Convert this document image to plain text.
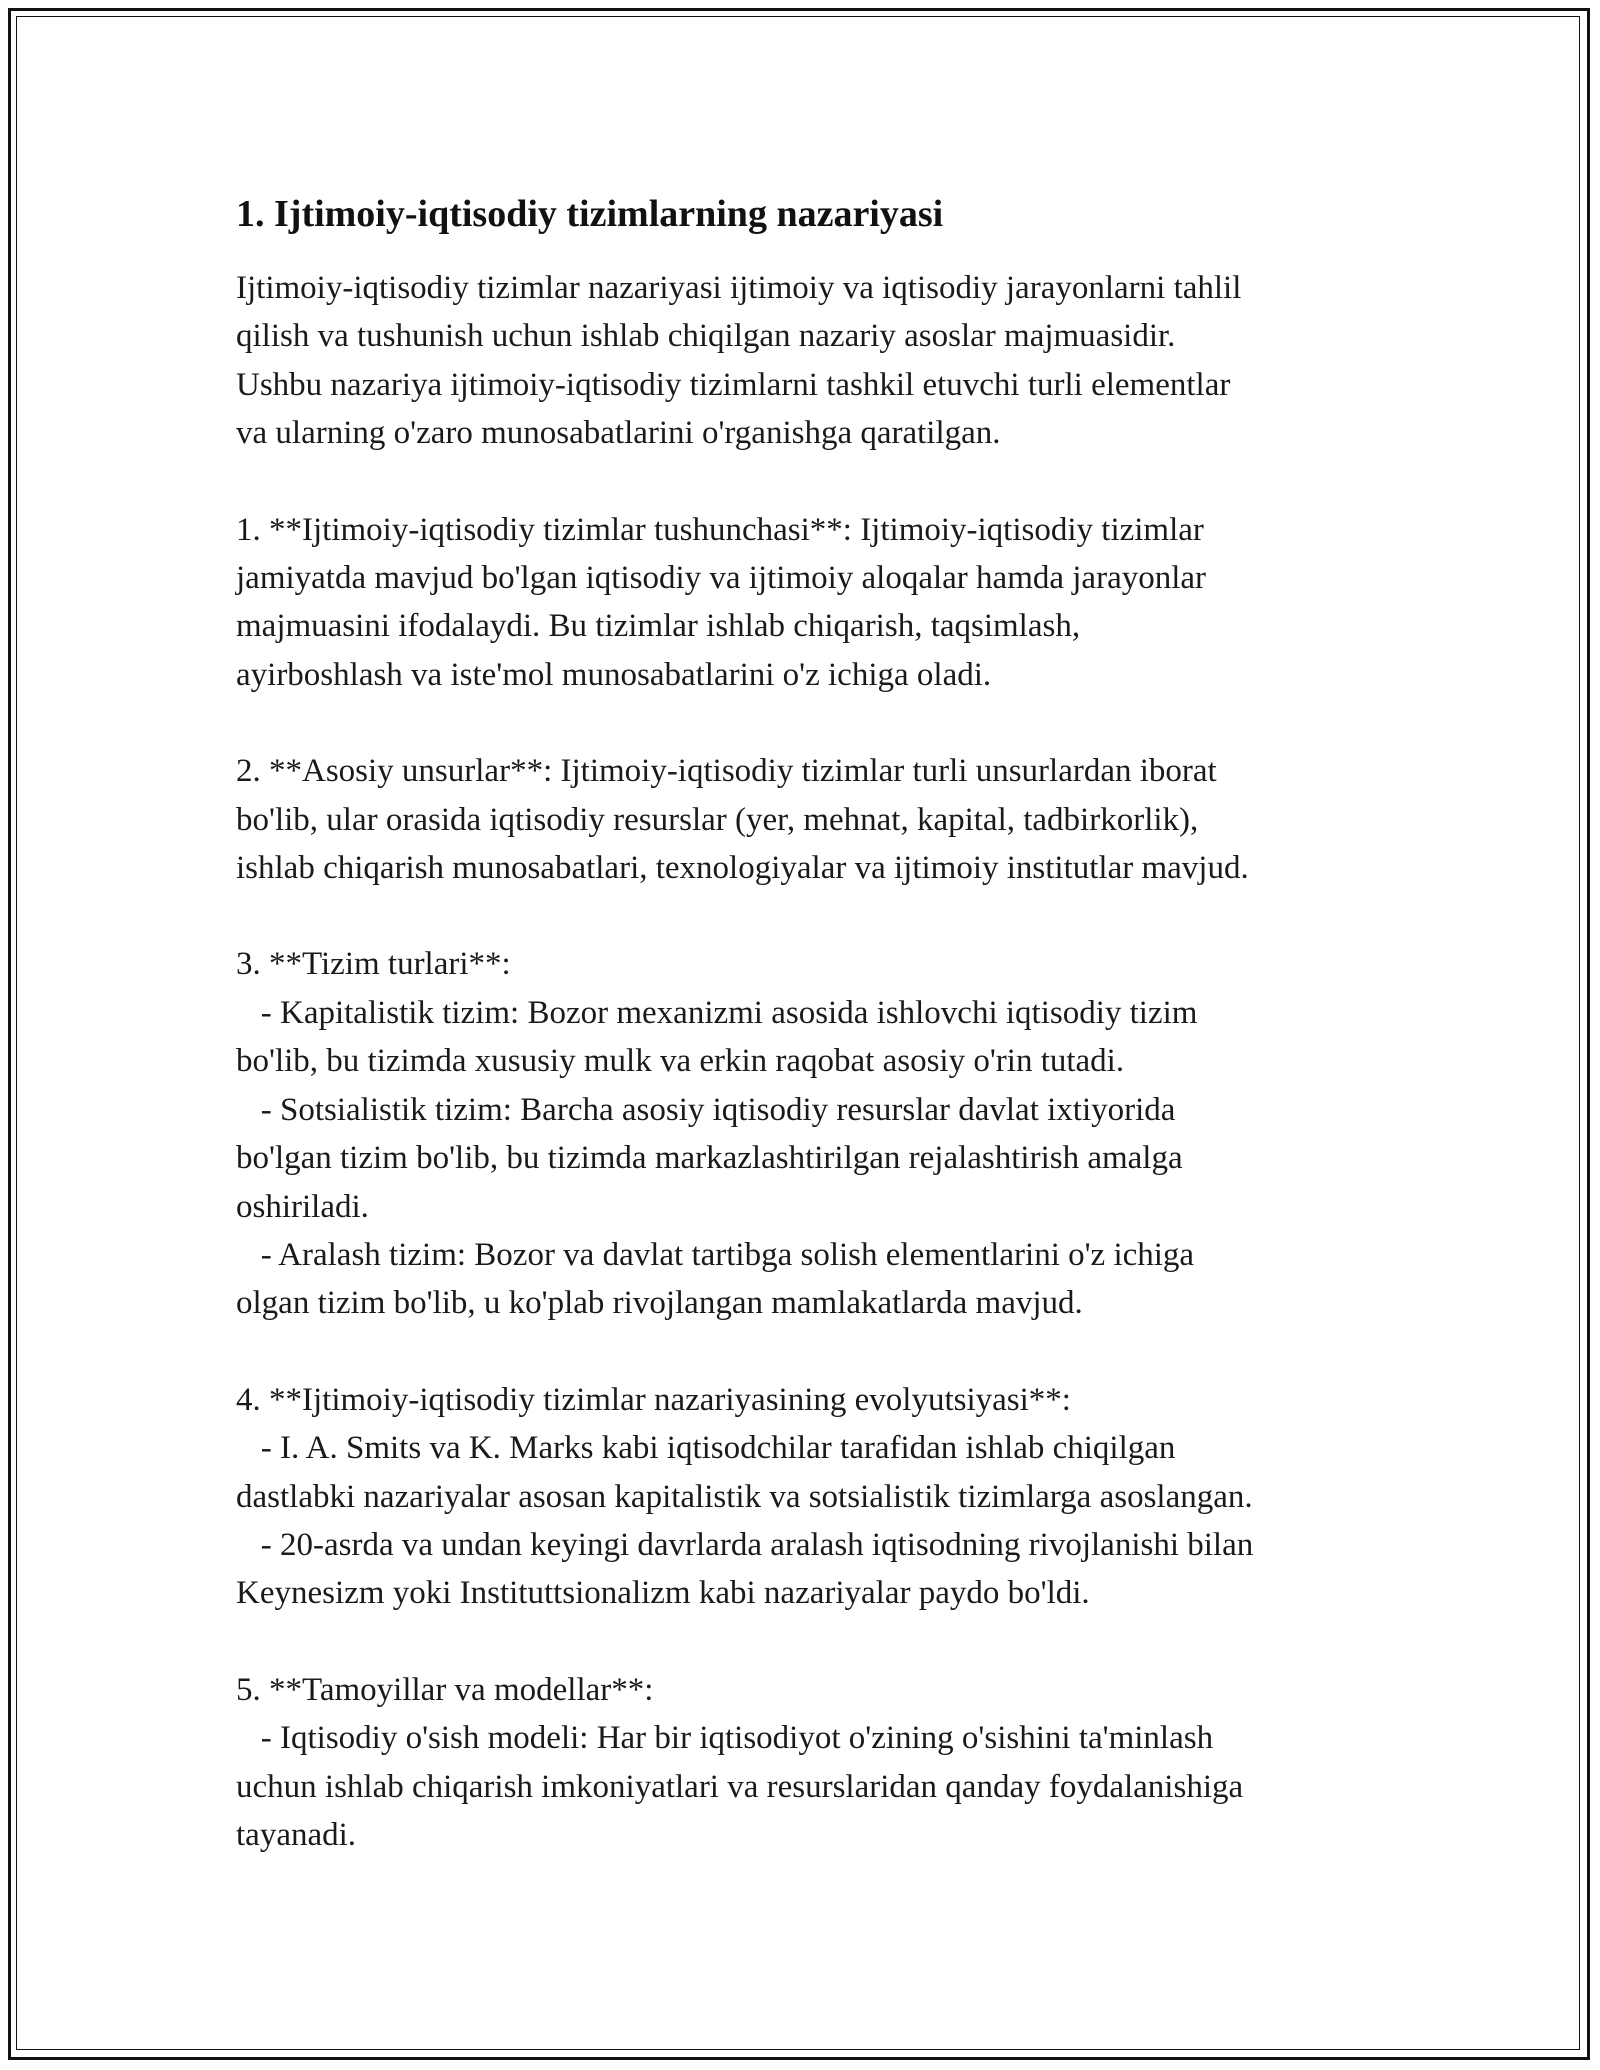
1. Ijtimoiy-iqtisodiy tizimlarning nazariyasi

Ijtimoiy-iqtisodiy tizimlar nazariyasi ijtimoiy va iqtisodiy jarayonlarni tahlil
qilish va tushunish uchun ishlab chiqilgan nazariy asoslar majmuasidir.
Ushbu nazariya ijtimoiy-iqtisodiy tizimlarni tashkil etuvchi turli elementlar
va ularning o'zaro munosabatlarini o'rganishga qaratilgan.

1. **Ijtimoiy-iqtisodiy tizimlar tushunchasi**: Ijtimoiy-iqtisodiy tizimlar
jamiyatda mavjud bo'lgan iqtisodiy va ijtimoiy aloqalar hamda jarayonlar
majmuasini ifodalaydi. Bu tizimlar ishlab chiqarish, taqsimlash,
ayirboshlash va iste'mol munosabatlarini o'z ichiga oladi.

2. **Asosiy unsurlar**: Ijtimoiy-iqtisodiy tizimlar turli unsurlardan iborat
bo'lib, ular orasida iqtisodiy resurslar (yer, mehnat, kapital, tadbirkorlik),
ishlab chiqarish munosabatlari, texnologiyalar va ijtimoiy institutlar mavjud.

3. **Tizim turlari**:
- Kapitalistik tizim: Bozor mexanizmi asosida ishlovchi iqtisodiy tizim
bo'lib, bu tizimda xususiy mulk va erkin raqobat asosiy o'rin tutadi.
- Sotsialistik tizim: Barcha asosiy iqtisodiy resurslar davlat ixtiyorida
bo'lgan tizim bo'lib, bu tizimda markazlashtirilgan rejalashtirish amalga
oshiriladi.
- Aralash tizim: Bozor va davlat tartibga solish elementlarini o'z ichiga
olgan tizim bo'lib, u ko'plab rivojlangan mamlakatlarda mavjud.

4. **Ijtimoiy-iqtisodiy tizimlar nazariyasining evolyutsiyasi**:
- I. A. Smits va K. Marks kabi iqtisodchilar tarafidan ishlab chiqilgan
dastlabki nazariyalar asosan kapitalistik va sotsialistik tizimlarga asoslangan.
- 20-asrda va undan keyingi davrlarda aralash iqtisodning rivojlanishi bilan
Keynesizm yoki Instituttsionalizm kabi nazariyalar paydo bo'ldi.

5. **Tamoyillar va modellar**:
- Iqtisodiy o'sish modeli: Har bir iqtisodiyot o'zining o'sishini ta'minlash
uchun ishlab chiqarish imkoniyatlari va resurslaridan qanday foydalanishiga
tayanadi.
